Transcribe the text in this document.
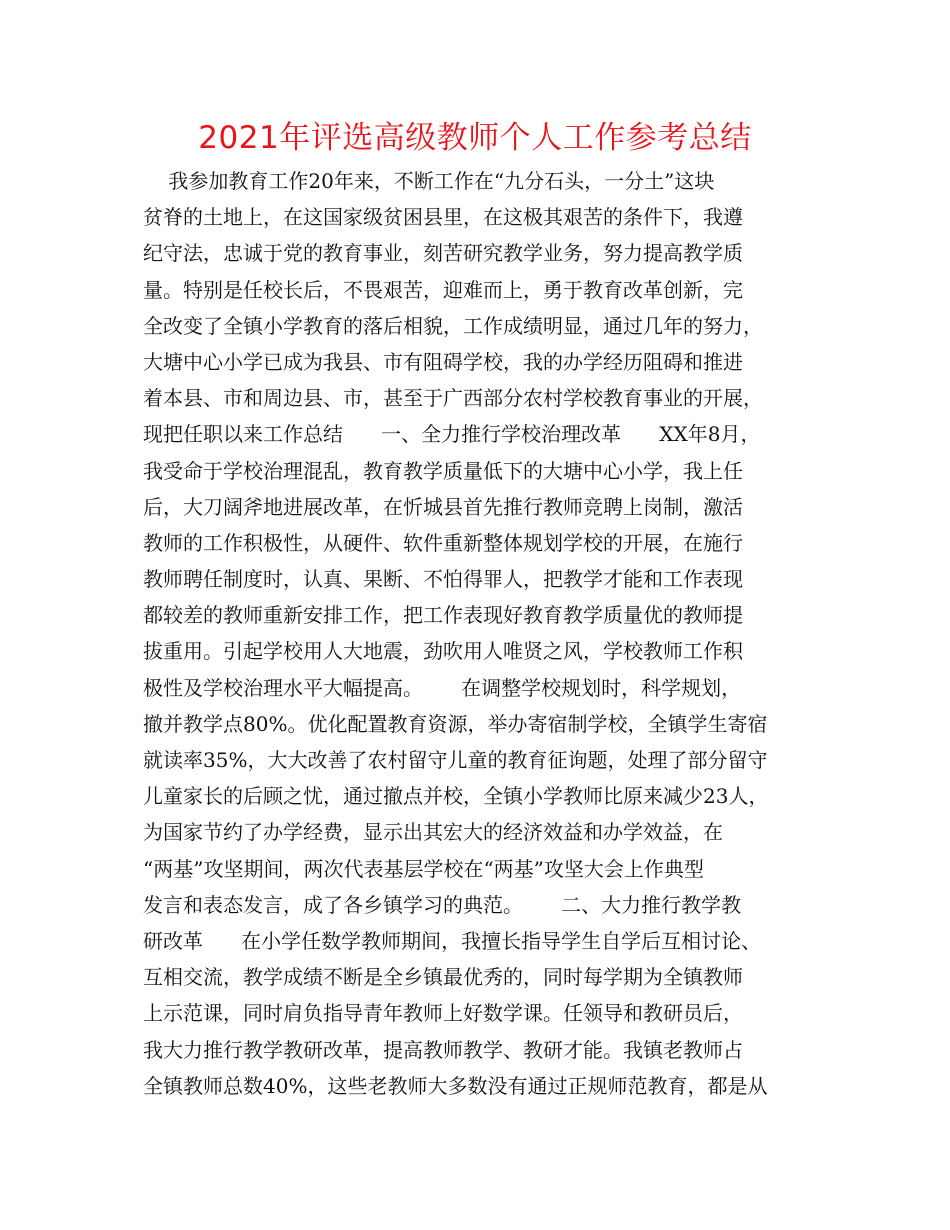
2021年评选高级教师个人工作参考总结
我参加教育工作20年来，不断工作在“九分石头，一分土”这块
贫脊的土地上，在这国家级贫困县里，在这极其艰苦的条件下，我遵
纪守法，忠诚于党的教育事业，刻苦研究教学业务，努力提高教学质
量。特别是任校长后，不畏艰苦，迎难而上，勇于教育改革创新，完
全改变了全镇小学教育的落后相貌，工作成绩明显，通过几年的努力，
大塘中心小学已成为我县、市有阻碍学校，我的办学经历阻碍和推进
着本县、市和周边县、市，甚至于广西部分农村学校教育事业的开展，
现把任职以来工作总结      一、全力推行学校治理改革      XX年8月，
我受命于学校治理混乱，教育教学质量低下的大塘中心小学，我上任
后，大刀阔斧地进展改革，在忻城县首先推行教师竞聘上岗制，激活
教师的工作积极性，从硬件、软件重新整体规划学校的开展，在施行
教师聘任制度时，认真、果断、不怕得罪人，把教学才能和工作表现
都较差的教师重新安排工作，把工作表现好教育教学质量优的教师提
拔重用。引起学校用人大地震，劲吹用人唯贤之风，学校教师工作积
极性及学校治理水平大幅提高。      在调整学校规划时，科学规划，
撤并教学点80%。优化配置教育资源，举办寄宿制学校，全镇学生寄宿
就读率35%，大大改善了农村留守儿童的教育征询题，处理了部分留守
儿童家长的后顾之忧，通过撤点并校，全镇小学教师比原来减少23人，
为国家节约了办学经费，显示出其宏大的经济效益和办学效益，在
“两基”攻坚期间，两次代表基层学校在“两基”攻坚大会上作典型
发言和表态发言，成了各乡镇学习的典范。      二、大力推行教学教
研改革      在小学任数学教师期间，我擅长指导学生自学后互相讨论、
互相交流，教学成绩不断是全乡镇最优秀的，同时每学期为全镇教师
上示范课，同时肩负指导青年教师上好数学课。任领导和教研员后，
我大力推行教学教研改革，提高教师教学、教研才能。我镇老教师占
全镇教师总数40%，这些老教师大多数没有通过正规师范教育，都是从
